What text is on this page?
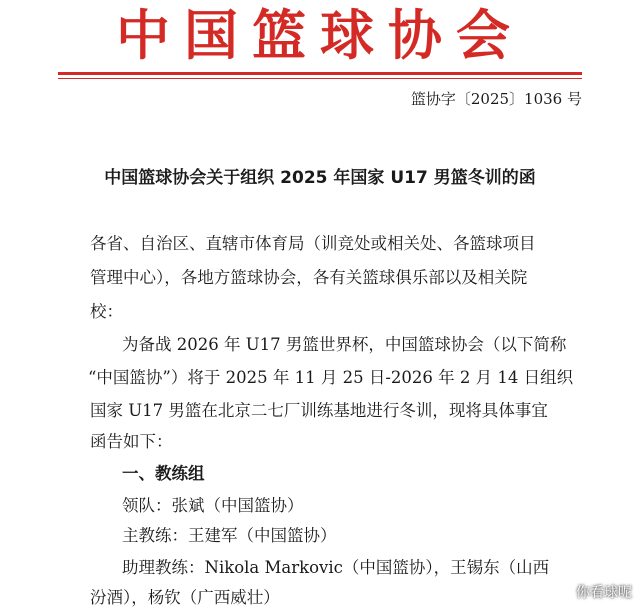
中国篮球协会
篮协字〔2025〕1036 号
中国篮球协会关于组织 2025 年国家 U17 男篮冬训的函
各省、自治区、直辖市体育局（训竞处或相关处、各篮球项目
管理中心），各地方篮球协会，各有关篮球俱乐部以及相关院
校：
为备战 2026 年 U17 男篮世界杯，中国篮球协会（以下简称
“中国篮协”）将于 2025 年 11 月 25 日-2026 年 2 月 14 日组织
国家 U17 男篮在北京二七厂训练基地进行冬训，现将具体事宜
函告如下：
一、教练组
领队：张斌（中国篮协）
主教练：王建军（中国篮协）
助理教练：Nikola Markovic（中国篮协），王锡东（山西
汾酒），杨钦（广西威壮）	你看球呢
